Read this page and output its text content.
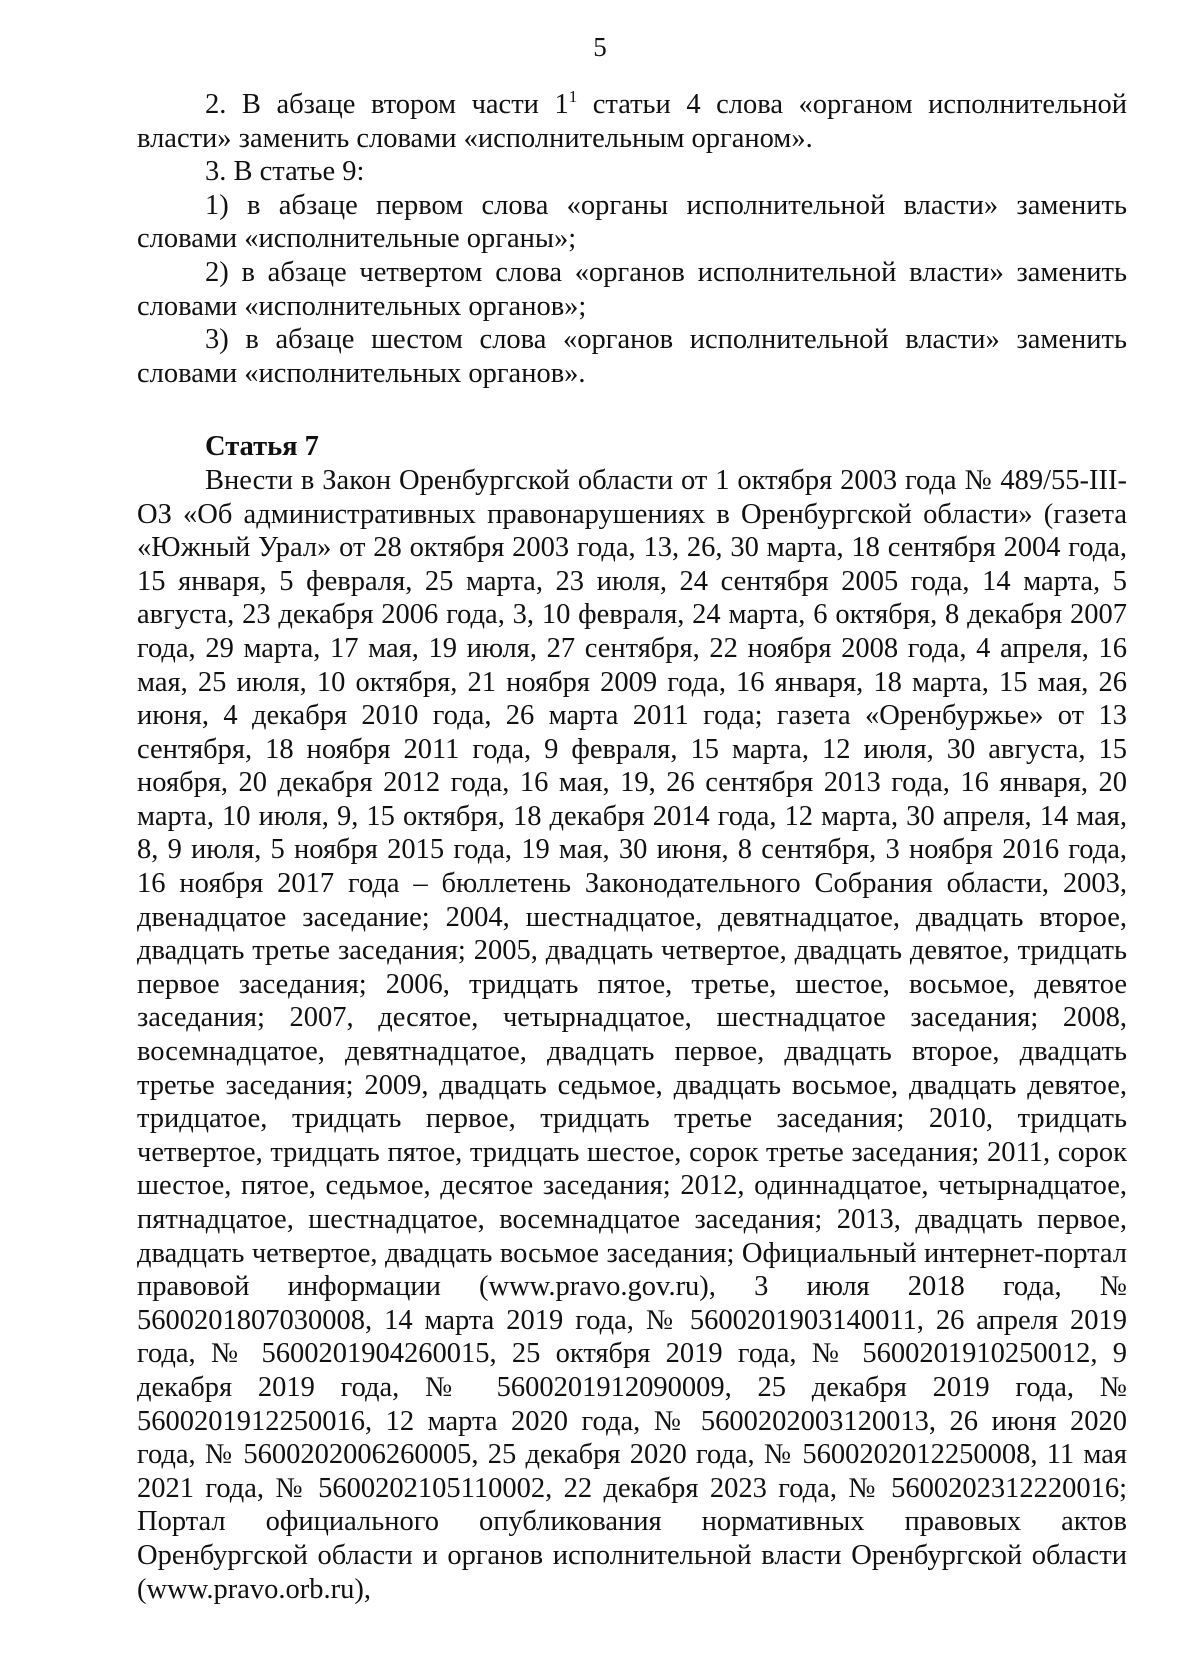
5

2. В абзаце втором части $1^1$ статьи 4 слова «органом исполнительной власти» заменить словами «исполнительным органом».

3. В статье 9:

1) в абзаце первом слова «органы исполнительной власти» заменить словами «исполнительные органы»;

2) в абзаце четвертом слова «органов исполнительной власти» заменить словами «исполнительных органов»;

3) в абзаце шестом слова «органов исполнительной власти» заменить словами «исполнительных органов».

Статья 7

Внести в Закон Оренбургской области от 1 октября 2003 года № 489/55-III-ОЗ «Об административных правонарушениях в Оренбургской области» (газета «Южный Урал» от 28 октября 2003 года, 13, 26, 30 марта, 18 сентября 2004 года, 15 января, 5 февраля, 25 марта, 23 июля, 24 сентября 2005 года, 14 марта, 5 августа, 23 декабря 2006 года, 3, 10 февраля, 24 марта, 6 октября, 8 декабря 2007 года, 29 марта, 17 мая, 19 июля, 27 сентября, 22 ноября 2008 года, 4 апреля, 16 мая, 25 июля, 10 октября, 21 ноября 2009 года, 16 января, 18 марта, 15 мая, 26 июня, 4 декабря 2010 года, 26 марта 2011 года; газета «Оренбуржье» от 13 сентября, 18 ноября 2011 года, 9 февраля, 15 марта, 12 июля, 30 августа, 15 ноября, 20 декабря 2012 года, 16 мая, 19, 26 сентября 2013 года, 16 января, 20 марта, 10 июля, 9, 15 октября, 18 декабря 2014 года, 12 марта, 30 апреля, 14 мая, 8, 9 июля, 5 ноября 2015 года, 19 мая, 30 июня, 8 сентября, 3 ноября 2016 года, 16 ноября 2017 года – бюллетень Законодательного Собрания области, 2003, двенадцатое заседание; 2004, шестнадцатое, девятнадцатое, двадцать второе, двадцать третье заседания; 2005, двадцать четвертое, двадцать девятое, тридцать первое заседания; 2006, тридцать пятое, третье, шестое, восьмое, девятое заседания; 2007, десятое, четырнадцатое, шестнадцатое заседания; 2008, восемнадцатое, девятнадцатое, двадцать первое, двадцать второе, двадцать третье заседания; 2009, двадцать седьмое, двадцать восьмое, двадцать девятое, тридцатое, тридцать первое, тридцать третье заседания; 2010, тридцать четвертое, тридцать пятое, тридцать шестое, сорок третье заседания; 2011, сорок шестое, пятое, седьмое, десятое заседания; 2012, одиннадцатое, четырнадцатое, пятнадцатое, шестнадцатое, восемнадцатое заседания; 2013, двадцать первое, двадцать четвертое, двадцать восьмое заседания; Официальный интернет-портал правовой информации (www.pravo.gov.ru), 3 июля 2018 года, № 5600201807030008, 14 марта 2019 года, № 5600201903140011, 26 апреля 2019 года, № 5600201904260015, 25 октября 2019 года, № 5600201910250012, 9 декабря 2019 года, № 5600201912090009, 25 декабря 2019 года, № 5600201912250016, 12 марта 2020 года, № 5600202003120013, 26 июня 2020 года, № 5600202006260005, 25 декабря 2020 года, № 5600202012250008, 11 мая 2021 года, № 5600202105110002, 22 декабря 2023 года, № 5600202312220016; Портал официального опубликования нормативных правовых актов Оренбургской области и органов исполнительной власти Оренбургской области (www.pravo.orb.ru),
